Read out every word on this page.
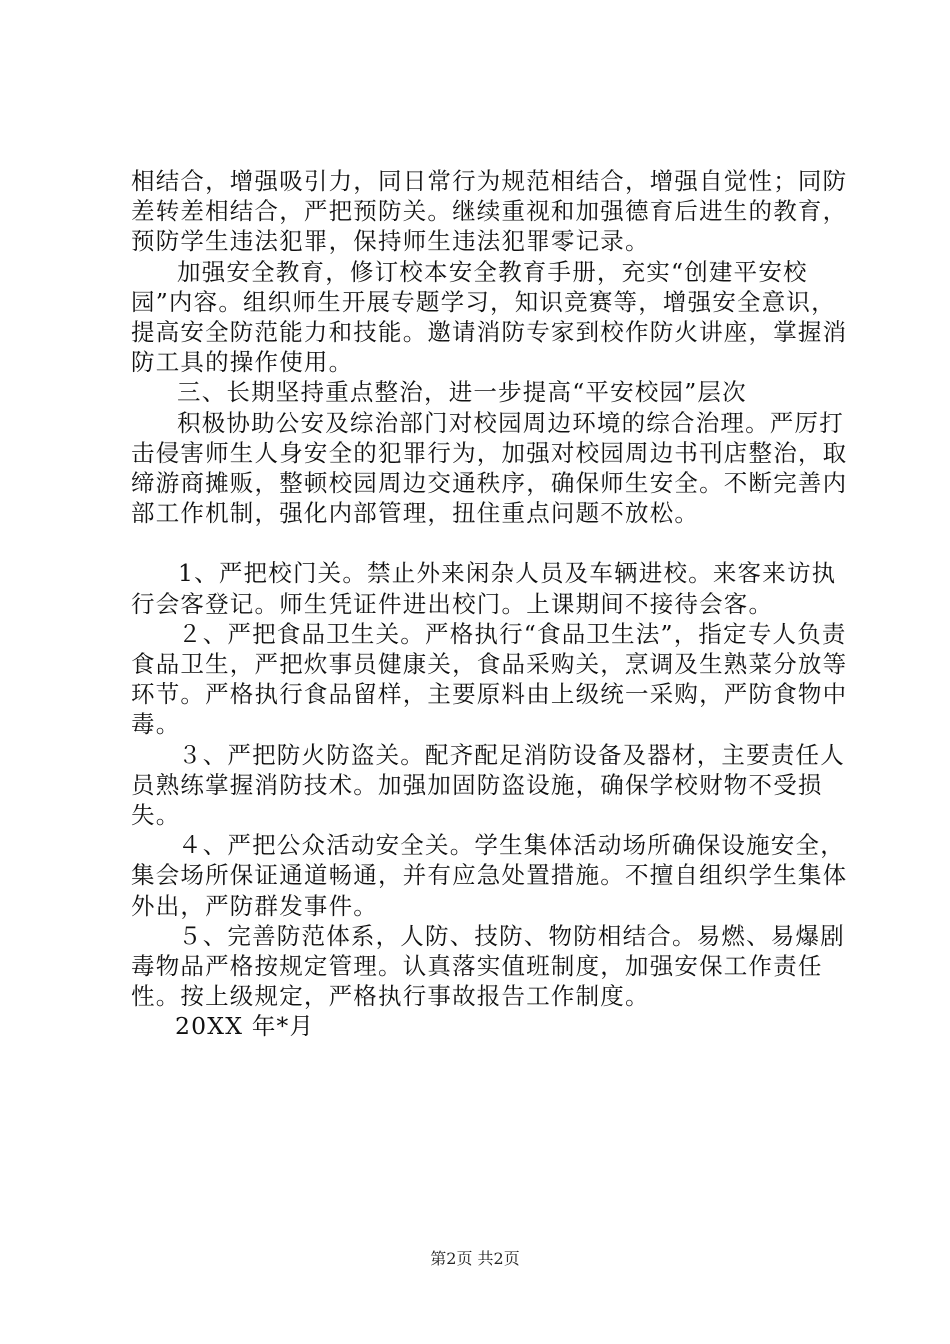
相结合，增强吸引力，同日常行为规范相结合，增强自觉性；同防差转差相结合，严把预防关。继续重视和加强德育后进生的教育，预防学生违法犯罪，保持师生违法犯罪零记录。

加强安全教育，修订校本安全教育手册，充实“创建平安校园”内容。组织师生开展专题学习，知识竞赛等，增强安全意识，提高安全防范能力和技能。邀请消防专家到校作防火讲座，掌握消防工具的操作使用。

三、长期坚持重点整治，进一步提高“平安校园”层次

积极协助公安及综治部门对校园周边环境的综合治理。严厉打击侵害师生人身安全的犯罪行为，加强对校园周边书刊店整治，取缔游商摊贩，整顿校园周边交通秩序，确保师生安全。不断完善内部工作机制，强化内部管理，扭住重点问题不放松。

1、严把校门关。禁止外来闲杂人员及车辆进校。来客来访执行会客登记。师生凭证件进出校门。上课期间不接待会客。

２、严把食品卫生关。严格执行“食品卫生法”，指定专人负责食品卫生，严把炊事员健康关，食品采购关，烹调及生熟菜分放等环节。严格执行食品留样，主要原料由上级统一采购，严防食物中毒。

３、严把防火防盗关。配齐配足消防设备及器材，主要责任人员熟练掌握消防技术。加强加固防盗设施，确保学校财物不受损失。

４、严把公众活动安全关。学生集体活动场所确保设施安全，集会场所保证通道畅通，并有应急处置措施。不擅自组织学生集体外出，严防群发事件。

５、完善防范体系，人防、技防、物防相结合。易燃、易爆剧毒物品严格按规定管理。认真落实值班制度，加强安保工作责任性。按上级规定，严格执行事故报告工作制度。

20XX 年*月

第2页 共2页
